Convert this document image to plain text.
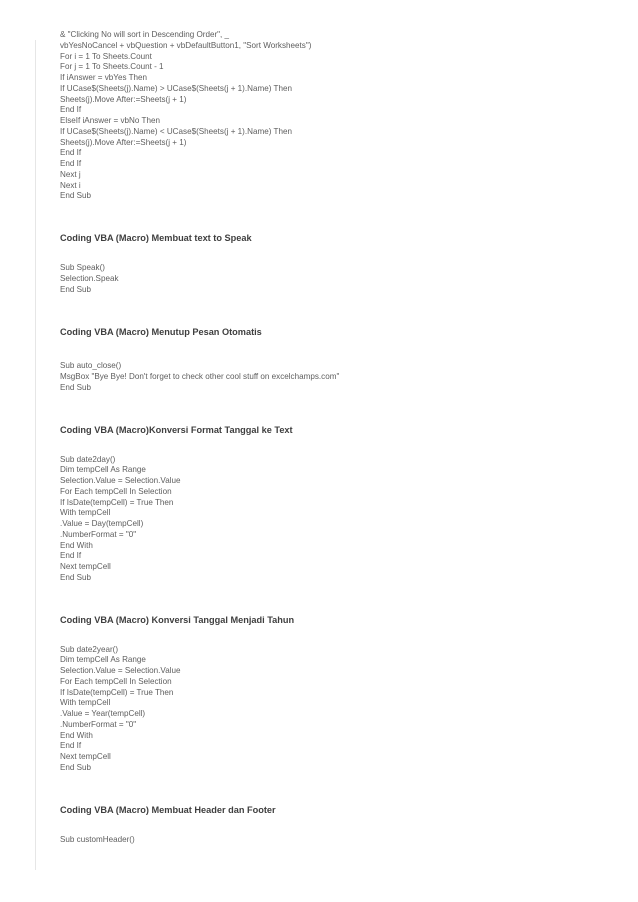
& "Clicking No will sort in Descending Order", _
vbYesNoCancel + vbQuestion + vbDefaultButton1, "Sort Worksheets")
For i = 1 To Sheets.Count
For j = 1 To Sheets.Count - 1
If iAnswer = vbYes Then
If UCase$(Sheets(j).Name) > UCase$(Sheets(j + 1).Name) Then
Sheets(j).Move After:=Sheets(j + 1)
End If
ElseIf iAnswer = vbNo Then
If UCase$(Sheets(j).Name) < UCase$(Sheets(j + 1).Name) Then
Sheets(j).Move After:=Sheets(j + 1)
End If
End If
Next j
Next i
End Sub
Coding VBA (Macro) Membuat text to Speak
Sub Speak()
Selection.Speak
End Sub
Coding VBA (Macro) Menutup Pesan Otomatis
Sub auto_close()
MsgBox "Bye Bye! Don't forget to check other cool stuff on excelchamps.com"
End Sub
Coding VBA (Macro)Konversi Format Tanggal ke Text
Sub date2day()
Dim tempCell As Range
Selection.Value = Selection.Value
For Each tempCell In Selection
If IsDate(tempCell) = True Then
With tempCell
.Value = Day(tempCell)
.NumberFormat = "0"
End With
End If
Next tempCell
End Sub
Coding VBA (Macro) Konversi Tanggal Menjadi Tahun
Sub date2year()
Dim tempCell As Range
Selection.Value = Selection.Value
For Each tempCell In Selection
If IsDate(tempCell) = True Then
With tempCell
.Value = Year(tempCell)
.NumberFormat = "0"
End With
End If
Next tempCell
End Sub
Coding VBA (Macro) Membuat Header dan Footer
Sub customHeader()
